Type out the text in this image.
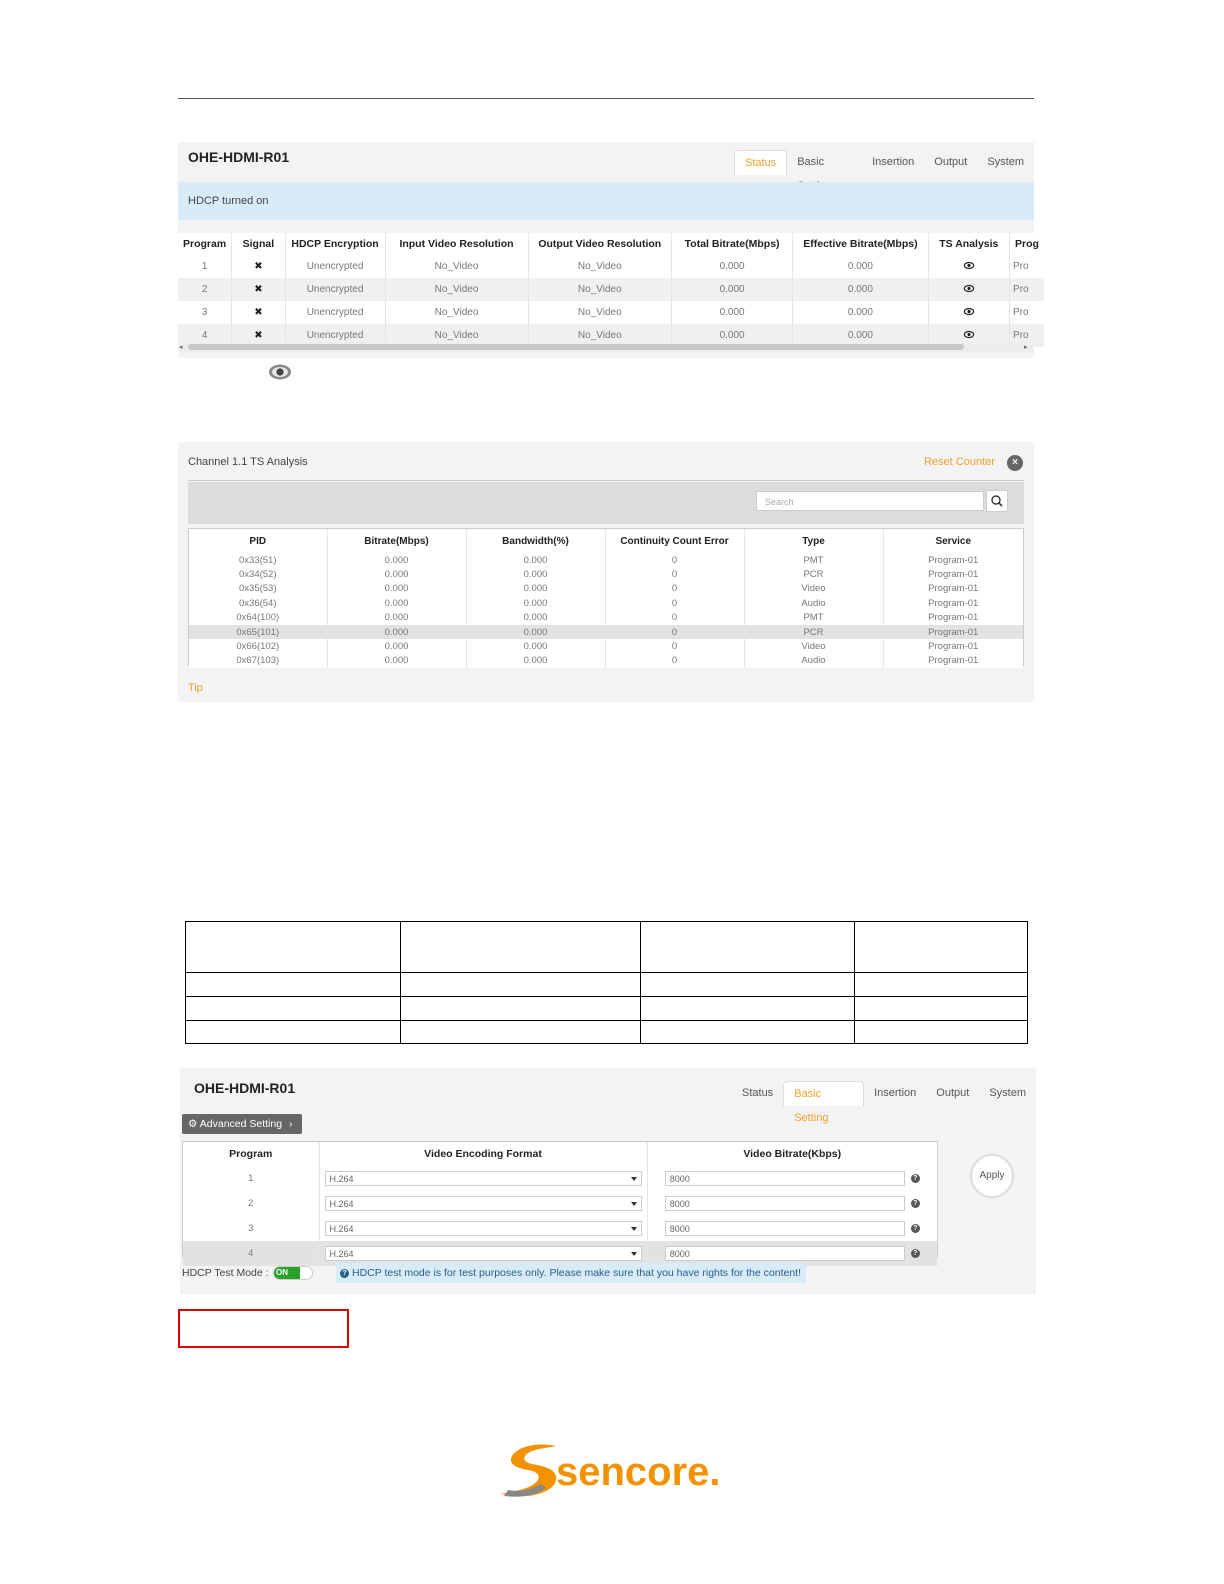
OHE-HDMI-R01	Status	Basic	Insertion	Output	System
HDCP turned on
Program	Signal	HDCP Encryption	Input Video Resolution	Output Video Resolution	Total Bitrate(Mbps)	Effective Bitrate(Mbps)	TS Analysis	Prog
1	✖	Unencrypted	No_Video	No_Video	0.000	0.000		Pro
2	✖	Unencrypted	No_Video	No_Video	0.000	0.000		Pro
3	✖	Unencrypted	No_Video	No_Video	0.000	0.000		Pro
4	✖	Unencrypted	No_Video	No_Video	0.000	0.000		Pro
◂	▸
Channel 1.1 TS Analysis	Reset Counter	×
Search
PID	Bitrate(Mbps)	Bandwidth(%)	Continuity Count Error	Type	Service
0x33(51)	0.000	0.000	0	PMT	Program-01
0x34(52)	0.000	0.000	0	PCR	Program-01
0x35(53)	0.000	0.000	0	Video	Program-01
0x36(54)	0.000	0.000	0	Audio	Program-01
0x64(100)	0.000	0.000	0	PMT	Program-01
0x65(101)	0.000	0.000	0	PCR	Program-01
0x66(102)	0.000	0.000	0	Video	Program-01
0x67(103)	0.000	0.000	0	Audio	Program-01
Tip

OHE-HDMI-R01	Status	Basic Setting
Insertion	Output	System
⚙ Advanced Setting ›
Program	Video Encoding Format	Video Bitrate(Kbps)
1	H.264	8000 ?
2	H.264	8000 ?
3	H.264	8000 ?
4	H.264	8000 ?
Apply
HDCP Test Mode : ON	? HDCP test mode is for test purposes only. Please make sure that you have rights for the content!
sencore.
